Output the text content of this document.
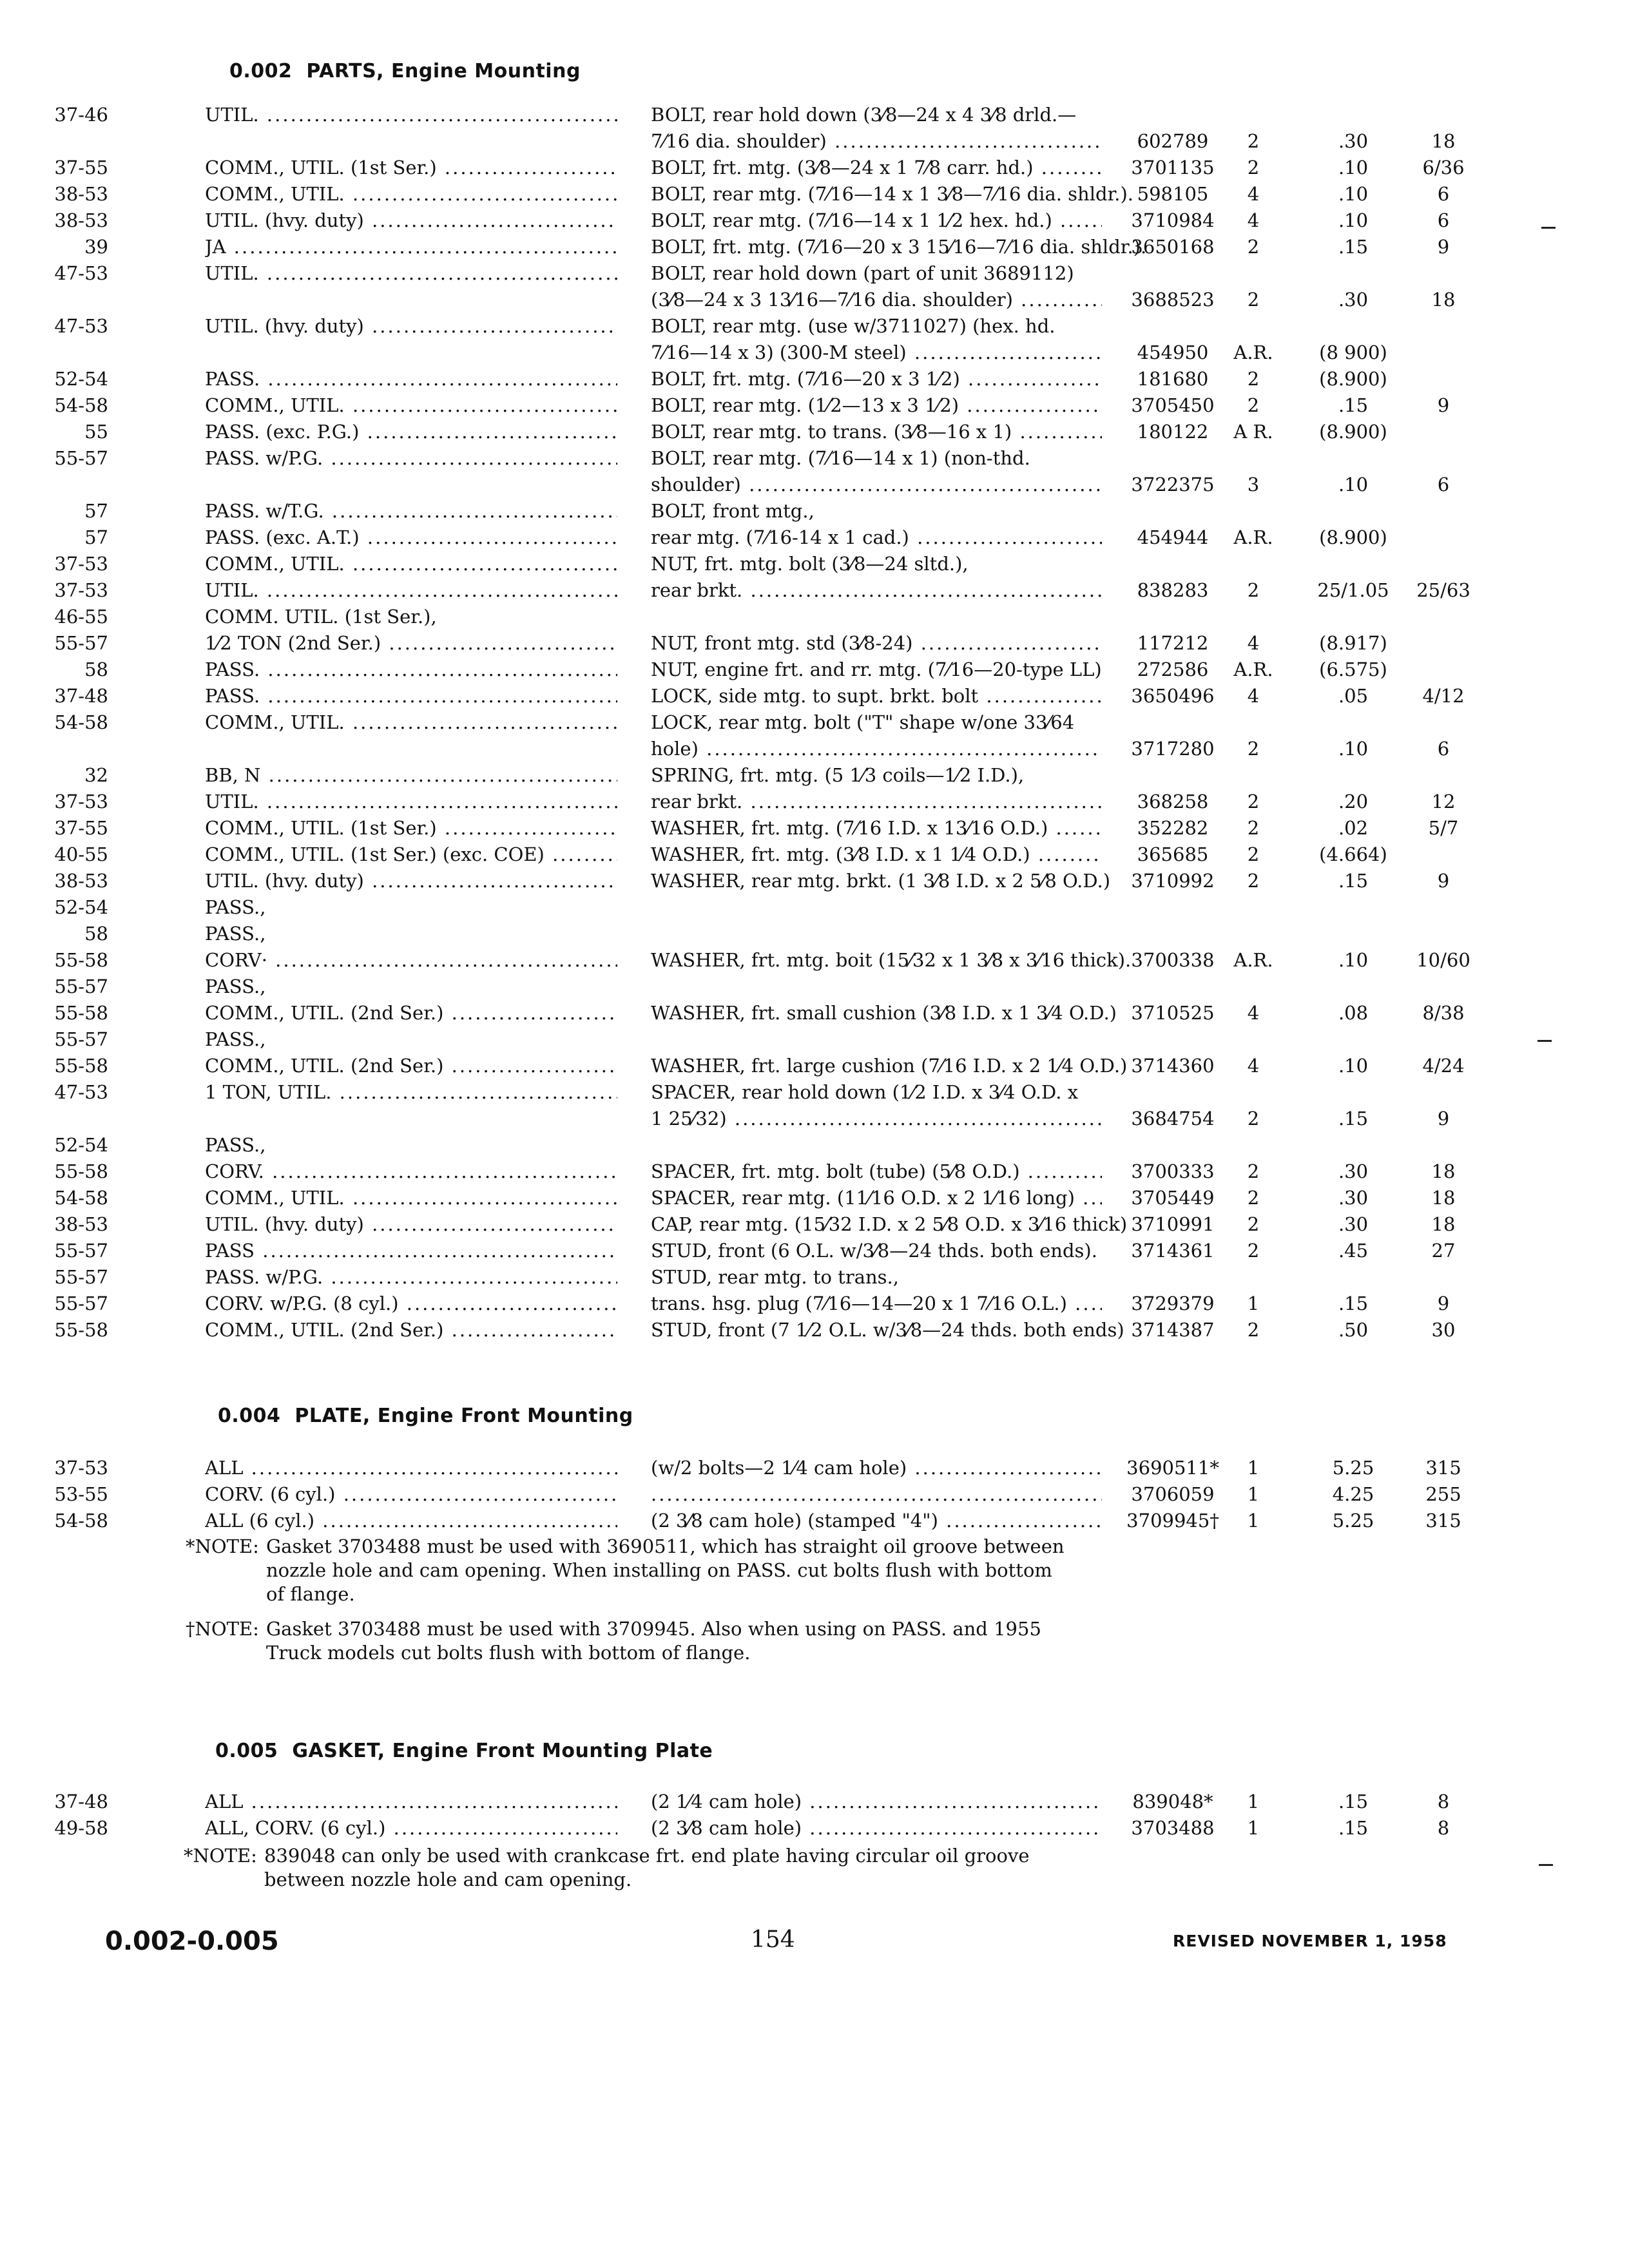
0.002 PARTS, Engine Mounting
37-46	UTIL. .....	BOLT, rear hold down (3⁄8—24 x 4 3⁄8 drld.—
7⁄16 dia. shoulder) .....	602789	2	.30	18
37-55	COMM., UTIL. (1st Ser.) .....	BOLT, frt. mtg. (3⁄8—24 x 1 7⁄8 carr. hd.) .....	3701135	2	.10	6/36
38-53	COMM., UTIL. .....	BOLT, rear mtg. (7⁄16—14 x 1 3⁄8—7⁄16 dia. shldr.). 598105	4	.10	6
38-53	UTIL. (hvy. duty) .....	BOLT, rear mtg. (7⁄16—14 x 1 1⁄2 hex. hd.) .....	3710984	4	.10	6
39	JA .....	BOLT, frt. mtg. (7⁄16—20 x 3 15⁄16—7⁄16 dia. shldr.).
3650168	2	.15	9
47-53	UTIL. .....	BOLT, rear hold down (part of unit 3689112)
(3⁄8—24 x 3 13⁄16—7⁄16 dia. shoulder) .....	3688523	2	.30	18
47-53	UTIL. (hvy. duty) .....	BOLT, rear mtg. (use w/3711027) (hex. hd.
7⁄16—14 x 3) (300-M steel) .....	454950	A.R.	(8 900)
52-54	PASS. .....	BOLT, frt. mtg. (7⁄16—20 x 3 1⁄2) .....	181680	2	(8.900)
54-58	COMM., UTIL. .....	BOLT, rear mtg. (1⁄2—13 x 3 1⁄2) .....	3705450	2	.15	9
55	PASS. (exc. P.G.) .....	BOLT, rear mtg. to trans. (3⁄8—16 x 1) .....	180122	A R.	(8.900)
55-57	PASS. w/P.G. .....	BOLT, rear mtg. (7⁄16—14 x 1) (non-thd.
shoulder) .....	3722375	3	.10	6
57	PASS. w/T.G. .....	BOLT, front mtg.,
57	PASS. (exc. A.T.) .....	rear mtg. (7⁄16-14 x 1 cad.) .....	454944	A.R.	(8.900)
37-53	COMM., UTIL. .....	NUT, frt. mtg. bolt (3⁄8—24 sltd.),
37-53	UTIL. .....	rear brkt. .....	838283	2	25/1.05	25/63
46-55	COMM. UTIL. (1st Ser.),
55-57	1⁄2 TON (2nd Ser.) .....	NUT, front mtg. std (3⁄8-24) .....	117212	4	(8.917)
58	PASS. .....	NUT, engine frt. and rr. mtg. (7⁄16—20-type LL)	272586	A.R.	(6.575)
37-48	PASS. .....	LOCK, side mtg. to supt. brkt. bolt .....	3650496	4	.05	4/12
54-58	COMM., UTIL. .....	LOCK, rear mtg. bolt ("T" shape w/one 33⁄64
hole) .....	3717280	2	.10	6
32	BB, N .....	SPRING, frt. mtg. (5 1⁄3 coils—1⁄2 I.D.),
37-53	UTIL. .....	rear brkt. .....	368258	2	.20	12
37-55	COMM., UTIL. (1st Ser.) .....	WASHER, frt. mtg. (7⁄16 I.D. x 13⁄16 O.D.) .....	352282	2	.02	5/7
40-55	COMM., UTIL. (1st Ser.) (exc. COE) .....	WASHER, frt. mtg. (3⁄8 I.D. x 1 1⁄4 O.D.) .....	365685	2	(4.664)
38-53	UTIL. (hvy. duty) .....	WASHER, rear mtg. brkt. (1 3⁄8 I.D. x 2 5⁄8 O.D.)	3710992	2	.15	9
52-54	PASS.,
58	PASS.,
55-58	CORV· .....	WASHER, frt. mtg. boit (15⁄32 x 1 3⁄8 x 3⁄16 thick). 3700338	A.R.	.10	10/60
55-57	PASS.,
55-58	COMM., UTIL. (2nd Ser.) .....	WASHER, frt. small cushion (3⁄8 I.D. x 1 3⁄4 O.D.) 3710525	4	.08	8/38
55-57	PASS.,
55-58	COMM., UTIL. (2nd Ser.) .....	WASHER, frt. large cushion (7⁄16 I.D. x 2 1⁄4 O.D.) 3714360	4	.10	4/24
47-53	1 TON, UTIL. .....	SPACER, rear hold down (1⁄2 I.D. x 3⁄4 O.D. x
1 25⁄32) .....	3684754	2	.15	9
52-54	PASS.,
55-58	CORV. .....	SPACER, frt. mtg. bolt (tube) (5⁄8 O.D.) .....	3700333	2	.30	18
54-58	COMM., UTIL. .....	SPACER, rear mtg. (11⁄16 O.D. x 2 1⁄16 long) .....	3705449	2	.30	18
38-53	UTIL. (hvy. duty) .....	CAP, rear mtg. (15⁄32 I.D. x 2 5⁄8 O.D. x 3⁄16 thick) 3710991	2	.30	18
55-57	PASS .....	STUD, front (6 O.L. w/3⁄8—24 thds. both ends).	3714361	2	.45	27
55-57	PASS. w/P.G. .....	STUD, rear mtg. to trans.,
55-57	CORV. w/P.G. (8 cyl.) .....	trans. hsg. plug (7⁄16—14—20 x 1 7⁄16 O.L.) .....	3729379	1	.15	9
55-58	COMM., UTIL. (2nd Ser.) .....	STUD, front (7 1⁄2 O.L. w/3⁄8—24 thds. both ends) 3714387	2	.50	30
0.004 PLATE, Engine Front Mounting
37-53	ALL .....	(w/2 bolts—2 1⁄4 cam hole) .....	3690511*	1	5.25	315
53-55	CORV. (6 cyl.) .....
.....	3706059	1	4.25	255
54-58	ALL (6 cyl.) .....	(2 3⁄8 cam hole) (stamped "4") .....	3709945†	1	5.25	315
*NOTE: Gasket 3703488 must be used with 3690511, which has straight oil groove between
nozzle hole and cam opening. When installing on PASS. cut bolts flush with bottom
of flange.
†NOTE: Gasket 3703488 must be used with 3709945. Also when using on PASS. and 1955
Truck models cut bolts flush with bottom of flange.
0.005 GASKET, Engine Front Mounting Plate
37-48	ALL .....	(2 1⁄4 cam hole) .....	839048*	1	.15	8
49-58	ALL, CORV. (6 cyl.) .....	(2 3⁄8 cam hole) .....	3703488	1	.15	8
*NOTE: 839048 can only be used with crankcase frt. end plate having circular oil groove
between nozzle hole and cam opening.
0.002-0.005	154	REVISED NOVEMBER 1, 1958
